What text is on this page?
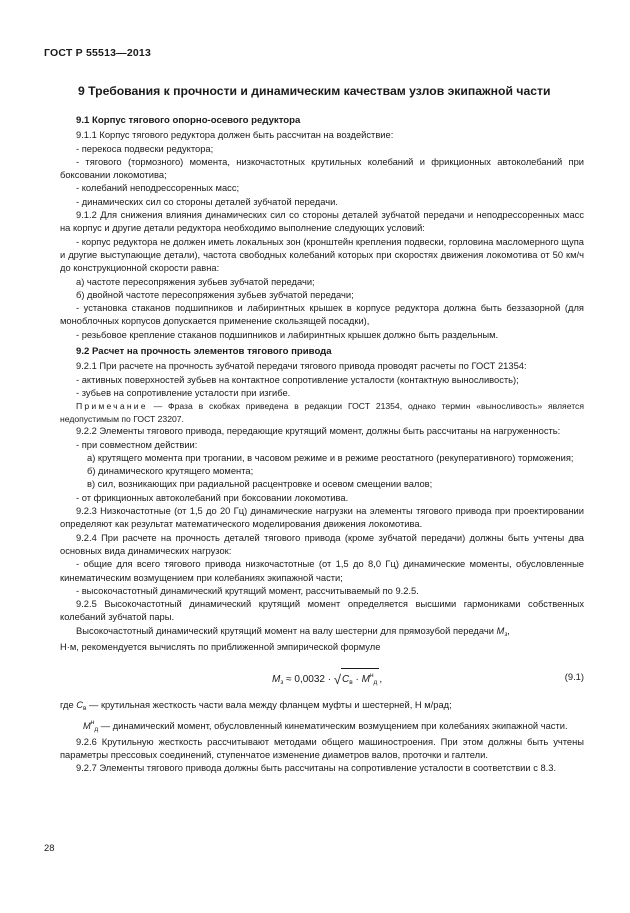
ГОСТ Р 55513—2013
9 Требования к прочности и динамическим качествам узлов экипажной части

9.1 Корпус тягового опорно-осевого редуктора

9.1.1 Корпус тягового редуктора должен быть рассчитан на воздействие:

- перекоса подвески редуктора;

- тягового (тормозного) момента, низкочастотных крутильных колебаний и фрикционных автоколебаний при боксовании локомотива;

- колебаний неподрессоренных масс;

- динамических сил со стороны деталей зубчатой передачи.

9.1.2 Для снижения влияния динамических сил со стороны деталей зубчатой передачи и неподрессоренных масс на корпус и другие детали редуктора необходимо выполнение следующих условий:

- корпус редуктора не должен иметь локальных зон (кронштейн крепления подвески, горловина масломерного щупа и другие выступающие детали), частота свободных колебаний которых при скоростях движения локомотива от 50 км/ч до конструкционной скорости равна:

а) частоте пересопряжения зубьев зубчатой передачи;

б) двойной частоте пересопряжения зубьев зубчатой передачи;

- установка стаканов подшипников и лабиринтных крышек в корпусе редуктора должна быть беззазорной (для моноблочных корпусов допускается применение скользящей посадки),

- резьбовое крепление стаканов подшипников и лабиринтных крышек должно быть раздельным.

9.2 Расчет на прочность элементов тягового привода

9.2.1 При расчете на прочность зубчатой передачи тягового привода проводят расчеты по ГОСТ 21354:

- активных поверхностей зубьев на контактное сопротивление усталости (контактную выносливость);

- зубьев на сопротивление усталости при изгибе.

Примечание — Фраза в скобках приведена в редакции ГОСТ 21354, однако термин «выносливость» является недопустимым по ГОСТ 23207.

9.2.2 Элементы тягового привода, передающие крутящий момент, должны быть рассчитаны на нагруженность:

- при совместном действии:

а) крутящего момента при трогании, в часовом режиме и в режиме реостатного (рекуперативного) торможения;

б) динамического крутящего момента;

в) сил, возникающих при радиальной расцентровке и осевом смещении валов;

- от фрикционных автоколебаний при боксовании локомотива.

9.2.3 Низкочастотные (от 1,5 до 20 Гц) динамические нагрузки на элементы тягового привода при проектировании определяют как результат математического моделирования движения локомотива.

9.2.4 При расчете на прочность деталей тягового привода (кроме зубчатой передачи) должны быть учтены два основных вида динамических нагрузок:

- общие для всего тягового привода низкочастотные (от 1,5 до 8,0 Гц) динамические моменты, обусловленные кинематическим возмущением при колебаниях экипажной части;

- высокочастотный динамический крутящий момент, рассчитываемый по 9.2.5.

9.2.5 Высокочастотный динамический крутящий момент определяется высшими гармониками собственных колебаний зубчатой пары.

Высокочастотный динамический крутящий момент на валу шестерни для прямозубой передачи $M_з$,
Н·м, рекомендуется вычислять по приближенной эмпирической формуле

$M_з \approx 0,0032 \cdot √C_в \cdot M^н_д$ ,	(9.1)

где $C_в$ — крутильная жесткость части вала между фланцем муфты и шестерней, Н м/рад;

$M^н_д$ — динамический момент, обусловленный кинематическим возмущением при колебаниях экипажной части.

9.2.6 Крутильную жесткость рассчитывают методами общего машиностроения. При этом должны быть учтены параметры прессовых соединений, ступенчатое изменение диаметров валов, проточки и галтели.

9.2.7 Элементы тягового привода должны быть рассчитаны на сопротивление усталости в соответствии с 8.3.

28
